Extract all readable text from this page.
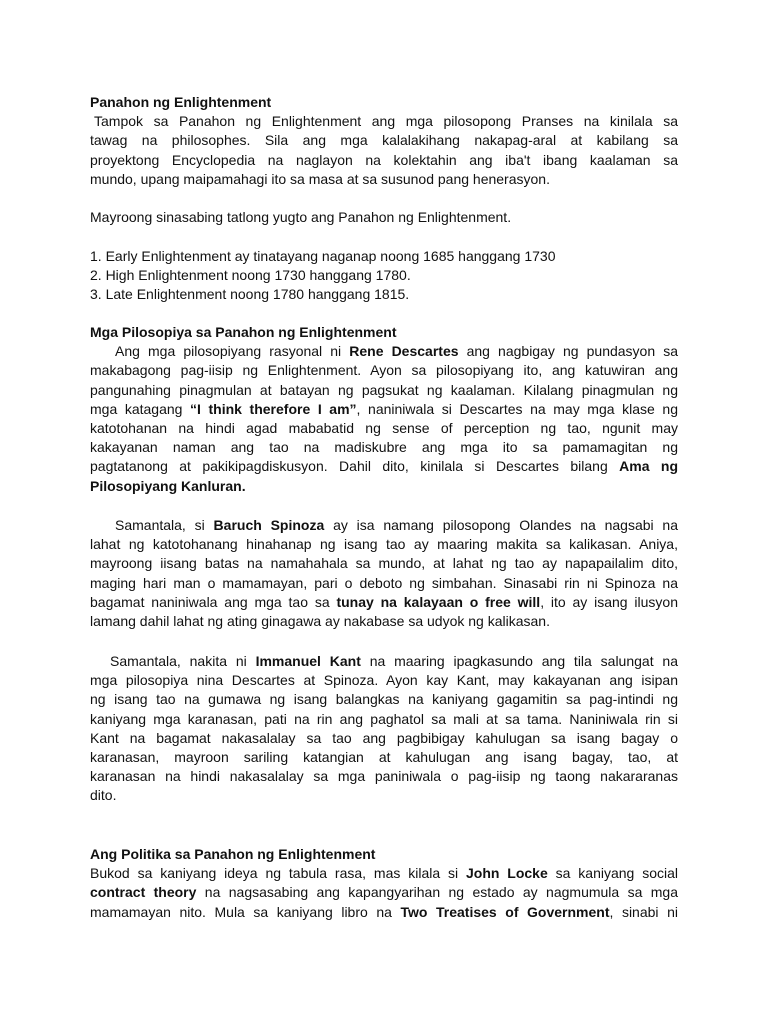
Panahon ng Enlightenment
Tampok sa Panahon ng Enlightenment ang mga pilosopong Pranses na kinilala sa
tawag na philosophes. Sila ang mga kalalakihang nakapag-aral at kabilang sa
proyektong Encyclopedia na naglayon na kolektahin ang iba't ibang kaalaman sa
mundo, upang maipamahagi ito sa masa at sa susunod pang henerasyon.
Mayroong sinasabing tatlong yugto ang Panahon ng Enlightenment.
1. Early Enlightenment ay tinatayang naganap noong 1685 hanggang 1730
2. High Enlightenment noong 1730 hanggang 1780.
3. Late Enlightenment noong 1780 hanggang 1815.
Mga Pilosopiya sa Panahon ng Enlightenment
Ang mga pilosopiyang rasyonal ni Rene Descartes ang nagbigay ng pundasyon sa
makabagong pag-iisip ng Enlightenment. Ayon sa pilosopiyang ito, ang katuwiran ang
pangunahing pinagmulan at batayan ng pagsukat ng kaalaman. Kilalang pinagmulan ng
mga katagang “I think therefore I am”, naniniwala si Descartes na may mga klase ng
katotohanan na hindi agad mababatid ng sense of perception ng tao, ngunit may
kakayanan naman ang tao na madiskubre ang mga ito sa pamamagitan ng
pagtatanong at pakikipagdiskusyon. Dahil dito, kinilala si Descartes bilang Ama ng
Pilosopiyang Kanluran.
Samantala, si Baruch Spinoza ay isa namang pilosopong Olandes na nagsabi na
lahat ng katotohanang hinahanap ng isang tao ay maaring makita sa kalikasan. Aniya,
mayroong iisang batas na namahahala sa mundo, at lahat ng tao ay napapailalim dito,
maging hari man o mamamayan, pari o deboto ng simbahan. Sinasabi rin ni Spinoza na
bagamat naniniwala ang mga tao sa tunay na kalayaan o free will, ito ay isang ilusyon
lamang dahil lahat ng ating ginagawa ay nakabase sa udyok ng kalikasan.
Samantala, nakita ni Immanuel Kant na maaring ipagkasundo ang tila salungat na
mga pilosopiya nina Descartes at Spinoza. Ayon kay Kant, may kakayanan ang isipan
ng isang tao na gumawa ng isang balangkas na kaniyang gagamitin sa pag-intindi ng
kaniyang mga karanasan, pati na rin ang paghatol sa mali at sa tama. Naniniwala rin si
Kant na bagamat nakasalalay sa tao ang pagbibigay kahulugan sa isang bagay o
karanasan, mayroon sariling katangian at kahulugan ang isang bagay, tao, at
karanasan na hindi nakasalalay sa mga paniniwala o pag-iisip ng taong nakararanas
dito.
Ang Politika sa Panahon ng Enlightenment
Bukod sa kaniyang ideya ng tabula rasa, mas kilala si John Locke sa kaniyang social
contract theory na nagsasabing ang kapangyarihan ng estado ay nagmumula sa mga
mamamayan nito. Mula sa kaniyang libro na Two Treatises of Government, sinabi ni
